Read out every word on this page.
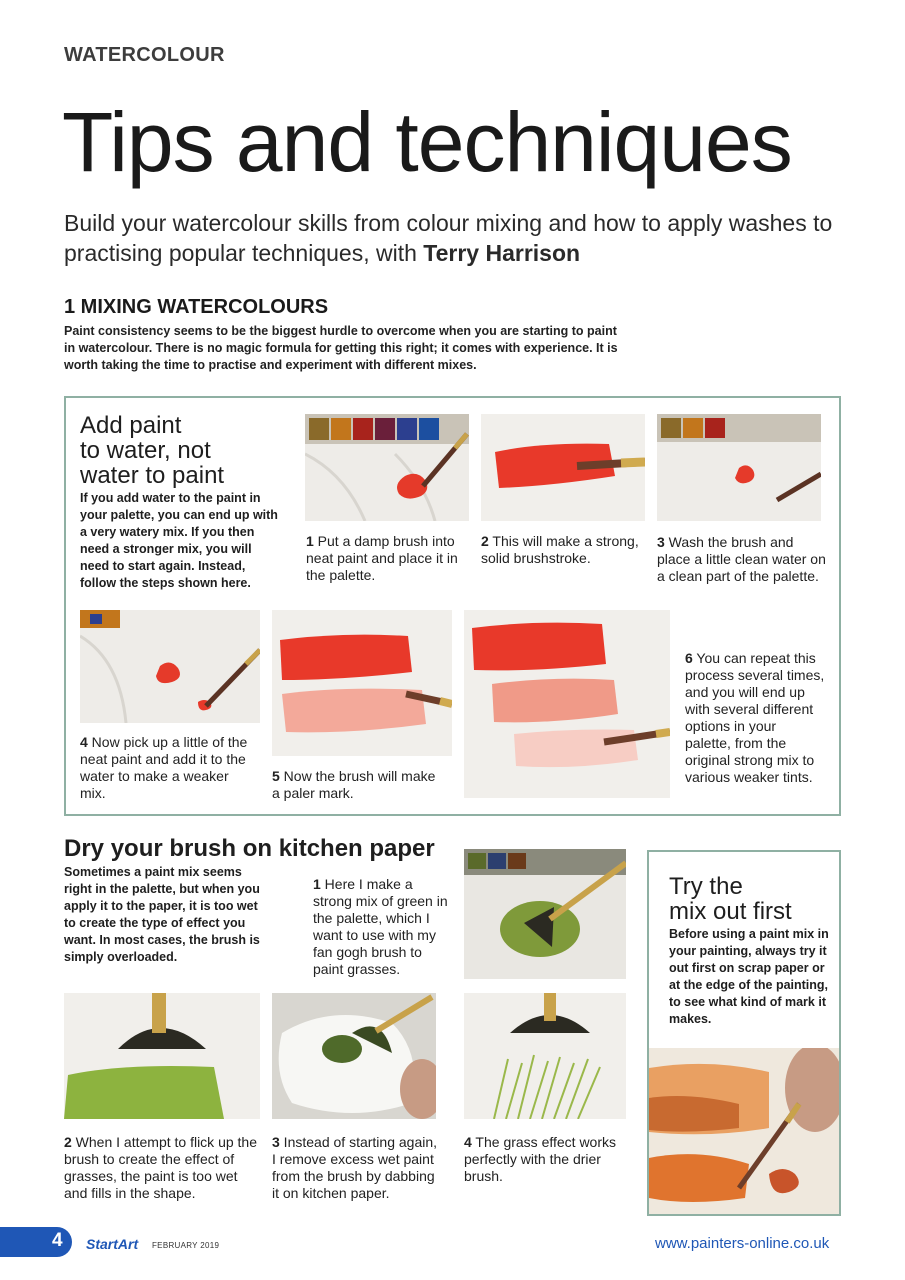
WATERCOLOUR
Tips and techniques

Build your watercolour skills from colour mixing and how to apply washes to practising popular techniques, with Terry Harrison

1 MIXING WATERCOLOURS

Paint consistency seems to be the biggest hurdle to overcome when you are starting to paint in watercolour. There is no magic formula for getting this right; it comes with experience. It is worth taking the time to practise and experiment with different mixes.

Add paint
to water, not
water to paint

If you add water to the paint in your palette, you can end up with a very watery mix. If you then need a stronger mix, you will need to start again. Instead, follow the steps shown here.

1 Put a damp brush into neat paint and place it in the palette.

2 This will make a strong, solid brushstroke.

3 Wash the brush and place a little clean water on a clean part of the palette.

4 Now pick up a little of the neat paint and add it to the water to make a weaker mix.

5 Now the brush will make a paler mark.

6 You can repeat this process several times, and you will end up with several different options in your palette, from the original strong mix to various weaker tints.

Dry your brush on kitchen paper

Sometimes a paint mix seems right in the palette, but when you apply it to the paper, it is too wet to create the type of effect you want. In most cases, the brush is simply overloaded.

1 Here I make a strong mix of green in the palette, which I want to use with my fan gogh brush to paint grasses.

2 When I attempt to flick up the brush to create the effect of grasses, the paint is too wet and fills in the shape.

3 Instead of starting again, I remove excess wet paint from the brush by dabbing it on kitchen paper.

4 The grass effect works perfectly with the drier brush.

Try the
mix out first

Before using a paint mix in your painting, always try it out first on scrap paper or at the edge of the painting, to see what kind of mark it makes.

4 StartArt FEBRUARY 2019	www.painters-online.co.uk
